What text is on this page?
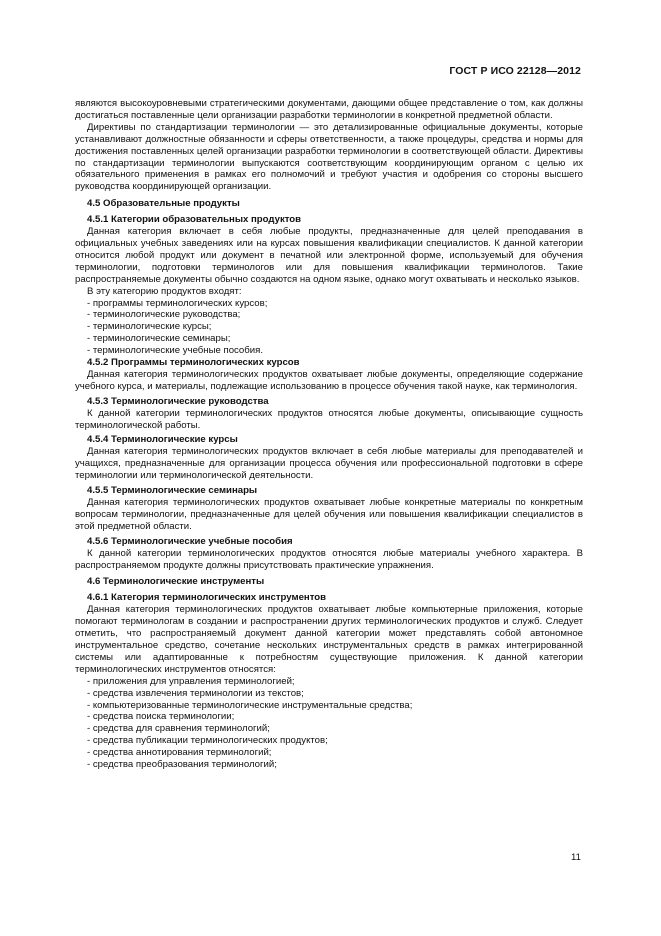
ГОСТ Р ИСО 22128—2012

являются высокоуровневыми стратегическими документами, дающими общее представление о том, как должны достигаться поставленные цели организации разработки терминологии в конкретной предметной области.

Директивы по стандартизации терминологии — это детализированные официальные документы, которые устанавливают должностные обязанности и сферы ответственности, а также процедуры, средства и нормы для достижения поставленных целей организации разработки терминологии в соответствующей области. Директивы по стандартизации терминологии выпускаются соответствующим координирующим органом с целью их обязательного применения в рамках его полномочий и требуют участия и одобрения со стороны высшего руководства координирующей организации.

4.5 Образовательные продукты
4.5.1 Категории образовательных продуктов

Данная категория включает в себя любые продукты, предназначенные для целей преподавания в официальных учебных заведениях или на курсах повышения квалификации специалистов. К данной категории относится любой продукт или документ в печатной или электронной форме, используемый для обучения терминологии, подготовки терминологов или для повышения квалификации терминологов. Такие распространяемые документы обычно создаются на одном языке, однако могут охватывать и несколько языков.

В эту категорию продуктов входят:

- программы терминологических курсов;
- терминологические руководства;
- терминологические курсы;
- терминологические семинары;
- терминологические учебные пособия.
4.5.2 Программы терминологических курсов

Данная категория терминологических продуктов охватывает любые документы, определяющие содержание учебного курса, и материалы, подлежащие использованию в процессе обучения такой науке, как терминология.

4.5.3 Терминологические руководства

К данной категории терминологических продуктов относятся любые документы, описывающие сущность терминологической работы.

4.5.4 Терминологические курсы

Данная категория терминологических продуктов включает в себя любые материалы для преподавателей и учащихся, предназначенные для организации процесса обучения или профессиональной подготовки в сфере терминологии или терминологической деятельности.

4.5.5 Терминологические семинары

Данная категория терминологических продуктов охватывает любые конкретные материалы по конкретным вопросам терминологии, предназначенные для целей обучения или повышения квалификации специалистов в этой предметной области.

4.5.6 Терминологические учебные пособия

К данной категории терминологических продуктов относятся любые материалы учебного характера. В распространяемом продукте должны присутствовать практические упражнения.

4.6 Терминологические инструменты
4.6.1 Категория терминологических инструментов

Данная категория терминологических продуктов охватывает любые компьютерные приложения, которые помогают терминологам в создании и распространении других терминологических продуктов и служб. Следует отметить, что распространяемый документ данной категории может представлять собой автономное инструментальное средство, сочетание нескольких инструментальных средств в рамках интегрированной системы или адаптированные к потребностям существующие приложения. К данной категории терминологических инструментов относятся:

- приложения для управления терминологией;
- средства извлечения терминологии из текстов;
- компьютеризованные терминологические инструментальные средства;
- средства поиска терминологии;
- средства для сравнения терминологий;
- средства публикации терминологических продуктов;
- средства аннотирования терминологий;
- средства преобразования терминологий;
11
